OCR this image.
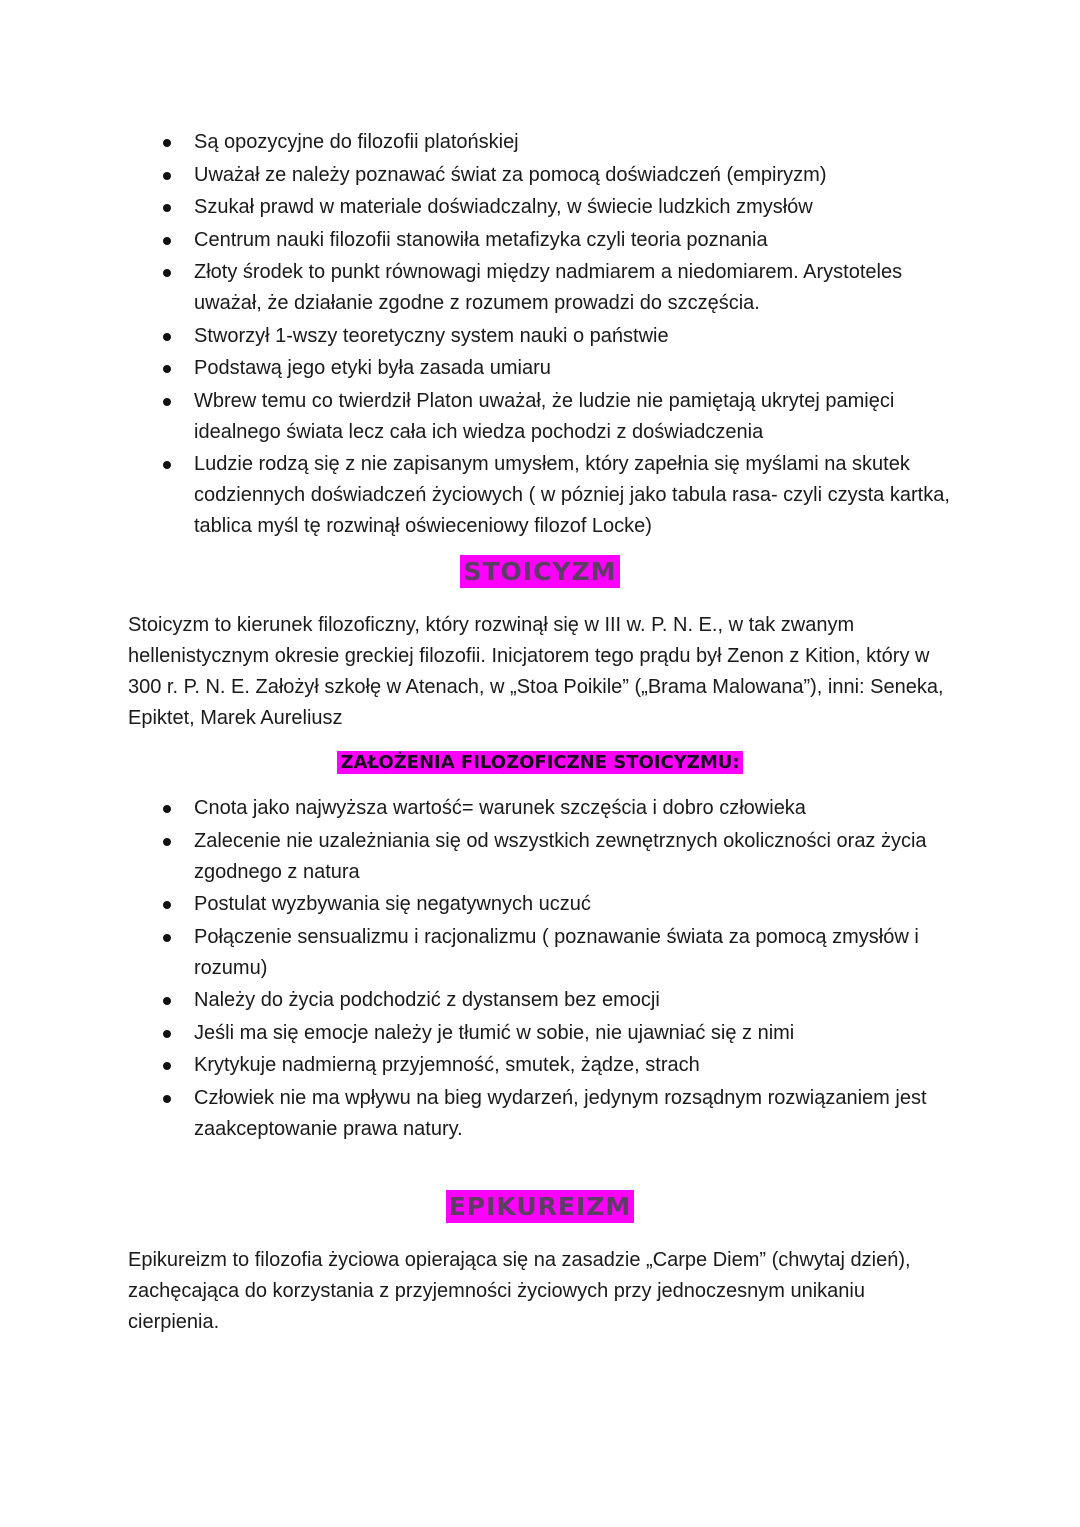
Są opozycyjne do filozofii platońskiej
Uważał ze należy poznawać świat za pomocą doświadczeń (empiryzm)
Szukał prawd w materiale doświadczalny, w świecie ludzkich zmysłów
Centrum nauki filozofii stanowiła metafizyka czyli teoria poznania
Złoty środek to punkt równowagi między nadmiarem a niedomiarem. Arystoteles uważał, że działanie zgodne z rozumem prowadzi do szczęścia.
Stworzył 1-wszy teoretyczny system nauki o państwie
Podstawą jego etyki była zasada umiaru
Wbrew temu co twierdził Platon uważał, że ludzie nie pamiętają ukrytej pamięci idealnego świata lecz cała ich wiedza pochodzi z doświadczenia
Ludzie rodzą się z nie zapisanym umysłem, który zapełnia się myślami na skutek codziennych doświadczeń życiowych ( w pózniej jako tabula rasa- czyli czysta kartka, tablica myśl tę rozwinął oświeceniowy filozof Locke)
STOICYZM

Stoicyzm to kierunek filozoficzny, który rozwinął się w III w. P. N. E., w tak zwanym hellenistycznym okresie greckiej filozofii. Inicjatorem tego prądu był Zenon z Kition, który w 300 r. P. N. E. Założył szkołę w Atenach, w „Stoa Poikile” („Brama Malowana”), inni: Seneka, Epiktet, Marek Aureliusz

ZAŁOŻENIA FILOZOFICZNE STOICYZMU:
Cnota jako najwyższa wartość= warunek szczęścia i dobro człowieka
Zalecenie nie uzależniania się od wszystkich zewnętrznych okoliczności oraz życia zgodnego z natura
Postulat wyzbywania się negatywnych uczuć
Połączenie sensualizmu i racjonalizmu ( poznawanie świata za pomocą zmysłów i rozumu)
Należy do życia podchodzić z dystansem bez emocji
Jeśli ma się emocje należy je tłumić w sobie, nie ujawniać się z nimi
Krytykuje nadmierną przyjemność, smutek, żądze, strach
Człowiek nie ma wpływu na bieg wydarzeń, jedynym rozsądnym rozwiązaniem jest zaakceptowanie prawa natury.
EPIKUREIZM

Epikureizm to filozofia życiowa opierająca się na zasadzie „Carpe Diem” (chwytaj dzień), zachęcająca do korzystania z przyjemności życiowych przy jednoczesnym unikaniu cierpienia.
